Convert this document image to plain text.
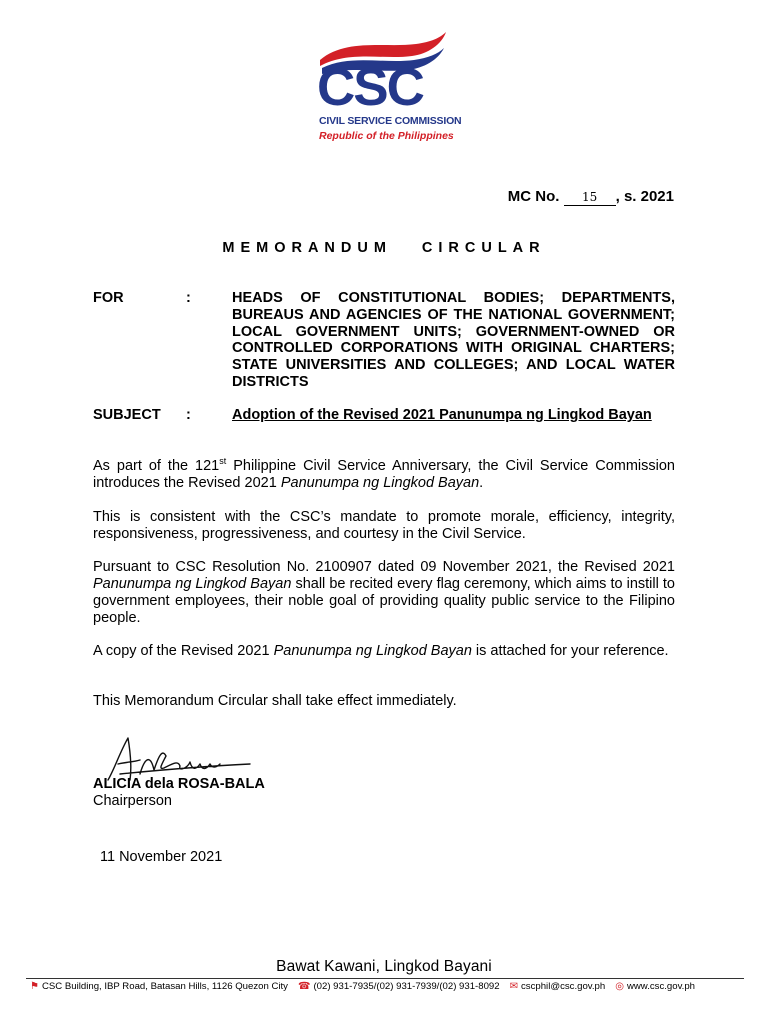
CSC
CIVIL SERVICE COMMISSION
Republic of the Philippines
MC No. 15 , s. 2021
MEMORANDUM CIRCULAR
FOR	:	HEADS OF CONSTITUTIONAL BODIES; DEPARTMENTS, BUREAUS AND AGENCIES OF THE NATIONAL GOVERNMENT; LOCAL GOVERNMENT UNITS; GOVERNMENT-OWNED OR CONTROLLED CORPORATIONS WITH ORIGINAL CHARTERS; STATE UNIVERSITIES AND COLLEGES; AND LOCAL WATER DISTRICTS
SUBJECT :	Adoption of the Revised 2021 Panunumpa ng Lingkod Bayan
As part of the 121st Philippine Civil Service Anniversary, the Civil Service Commission introduces the Revised 2021 Panunumpa ng Lingkod Bayan.
This is consistent with the CSC’s mandate to promote morale, efficiency, integrity, responsiveness, progressiveness, and courtesy in the Civil Service.
Pursuant to CSC Resolution No. 2100907 dated 09 November 2021, the Revised 2021 Panunumpa ng Lingkod Bayan shall be recited every flag ceremony, which aims to instill to government employees, their noble goal of providing quality public service to the Filipino people.
A copy of the Revised 2021 Panunumpa ng Lingkod Bayan is attached for your reference.
This Memorandum Circular shall take effect immediately.
ALICIA dela ROSA-BALA
Chairperson
11 November 2021
Bawat Kawani, Lingkod Bayani
⚑ CSC Building, IBP Road, Batasan Hills, 1126 Quezon City ☎ (02) 931-7935/(02) 931-7939/(02) 931-8092 ✉ cscphil@csc.gov.ph ◎ www.csc.gov.ph
